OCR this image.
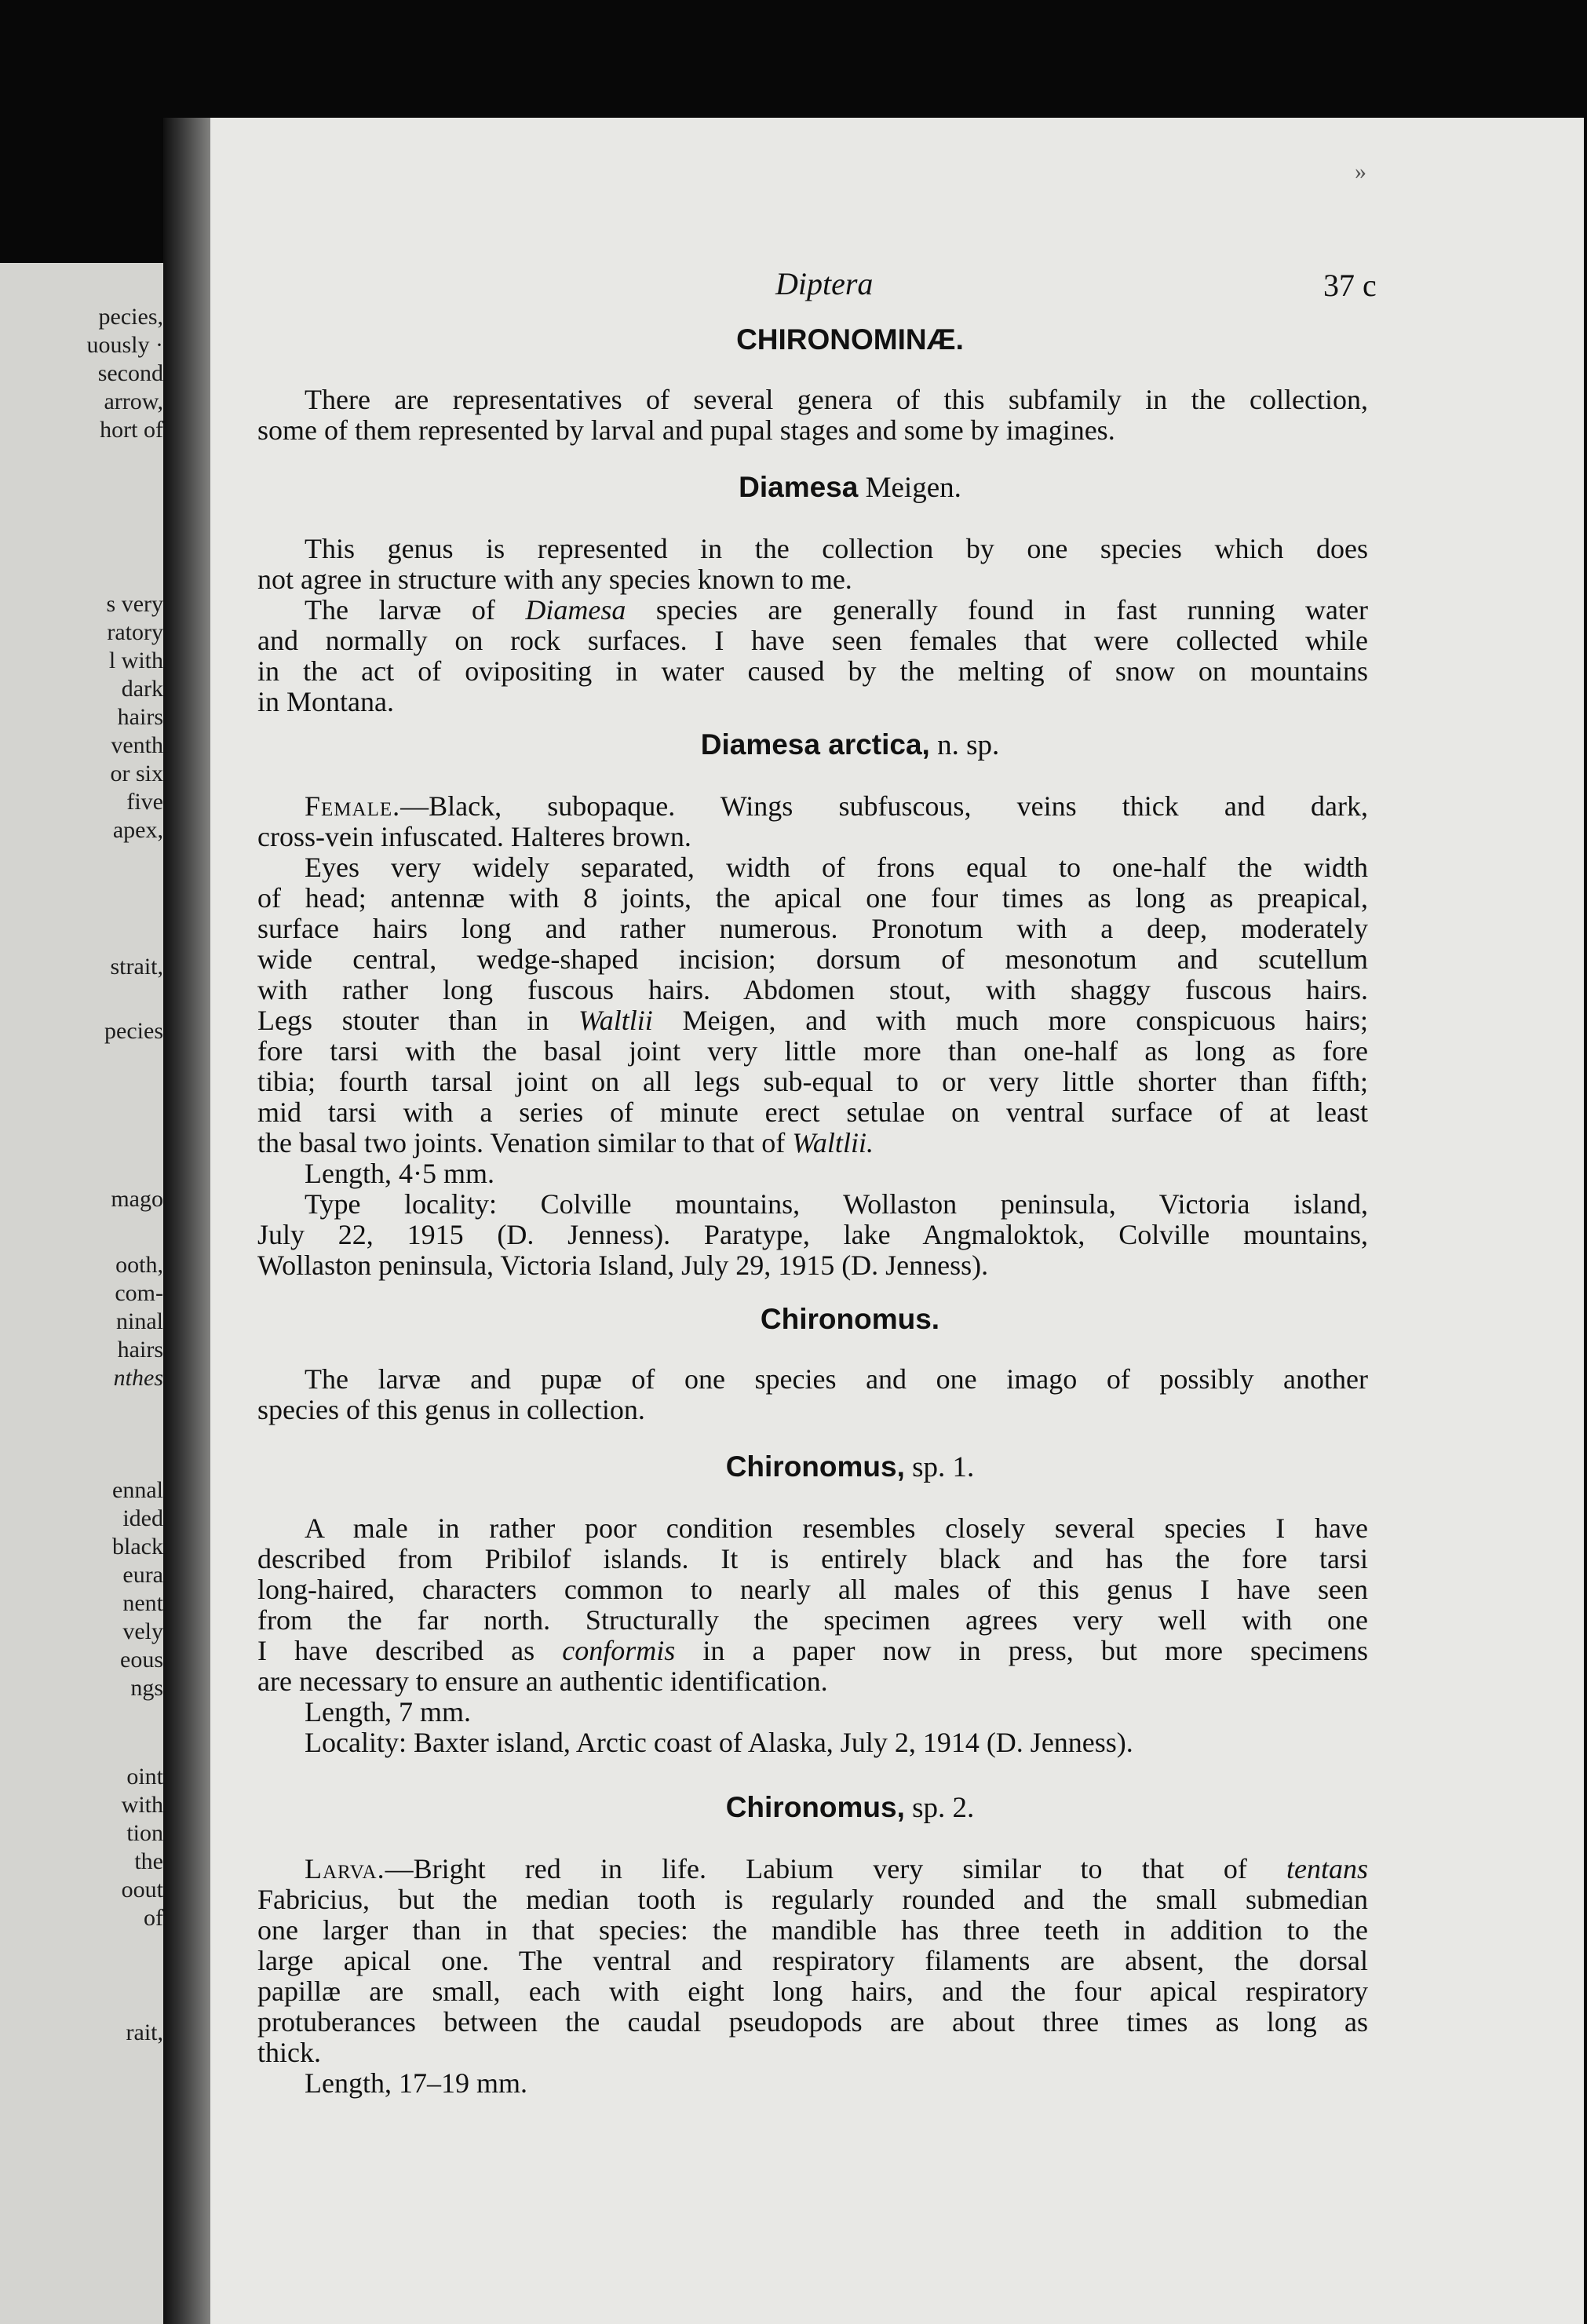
pecies,
uously ·
second
arrow,
hort of
s very
ratory
l with
dark
hairs
venth
or six
five
apex,
strait,
pecies
mago
ooth,
com-
ninal
hairs
nthes
ennal
ided
black
eura
nent
vely
eous
ngs
oint
with
tion
the
oout
of
rait,
»
Diptera	37 c
CHIRONOMINÆ.
There are representatives of several genera of this subfamily in the collection,
some of them represented by larval and pupal stages and some by imagines.
Diamesa Meigen.
This genus is represented in the collection by one species which does
not agree in structure with any species known to me.
The larvæ of Diamesa species are generally found in fast running water
and normally on rock surfaces. I have seen females that were collected while
in the act of ovipositing in water caused by the melting of snow on mountains
in Montana.
Diamesa arctica, n. sp.
Female.—Black, subopaque. Wings subfuscous, veins thick and dark,
cross-vein infuscated. Halteres brown.
Eyes very widely separated, width of frons equal to one-half the width
of head; antennæ with 8 joints, the apical one four times as long as preapical,
surface hairs long and rather numerous. Pronotum with a deep, moderately
wide central, wedge-shaped incision; dorsum of mesonotum and scutellum
with rather long fuscous hairs. Abdomen stout, with shaggy fuscous hairs.
Legs stouter than in Waltlii Meigen, and with much more conspicuous hairs;
fore tarsi with the basal joint very little more than one-half as long as fore
tibia; fourth tarsal joint on all legs sub-equal to or very little shorter than fifth;
mid tarsi with a series of minute erect setulae on ventral surface of at least
the basal two joints. Venation similar to that of Waltlii.
Length, 4·5 mm.
Type locality: Colville mountains, Wollaston peninsula, Victoria island,
July 22, 1915 (D. Jenness). Paratype, lake Angmaloktok, Colville mountains,
Wollaston peninsula, Victoria Island, July 29, 1915 (D. Jenness).
Chironomus.
The larvæ and pupæ of one species and one imago of possibly another
species of this genus in collection.
Chironomus, sp. 1.
A male in rather poor condition resembles closely several species I have
described from Pribilof islands. It is entirely black and has the fore tarsi
long-haired, characters common to nearly all males of this genus I have seen
from the far north. Structurally the specimen agrees very well with one
I have described as conformis in a paper now in press, but more specimens
are necessary to ensure an authentic identification.
Length, 7 mm.
Locality: Baxter island, Arctic coast of Alaska, July 2, 1914 (D. Jenness).
Chironomus, sp. 2.
Larva.—Bright red in life. Labium very similar to that of tentans
Fabricius, but the median tooth is regularly rounded and the small submedian
one larger than in that species: the mandible has three teeth in addition to the
large apical one. The ventral and respiratory filaments are absent, the dorsal
papillæ are small, each with eight long hairs, and the four apical respiratory
protuberances between the caudal pseudopods are about three times as long as
thick.
Length, 17–19 mm.
